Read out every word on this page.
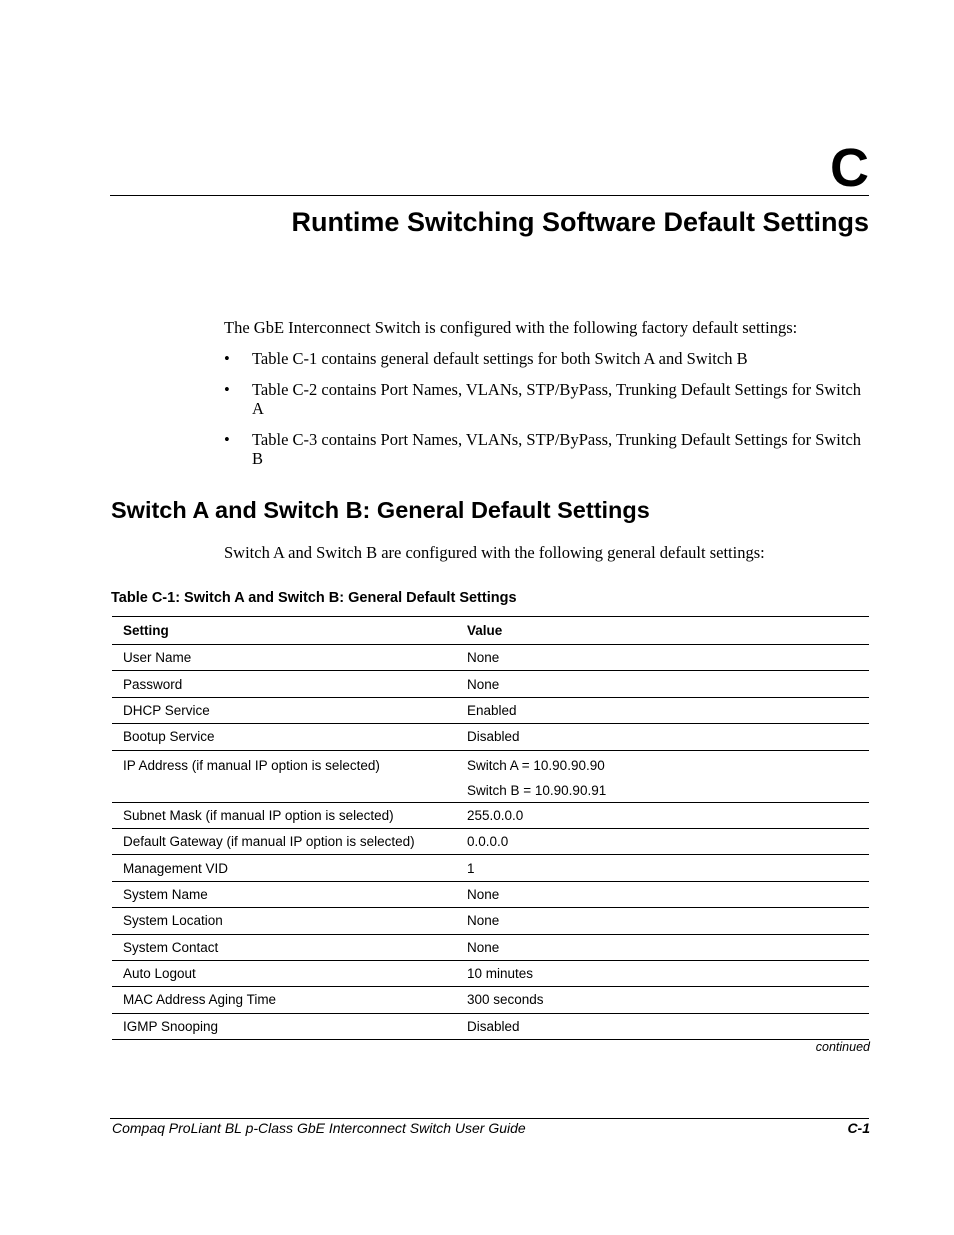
C
Runtime Switching Software Default Settings

The GbE Interconnect Switch is configured with the following factory default settings:

• Table C-1 contains general default settings for both Switch A and Switch B
• Table C-2 contains Port Names, VLANs, STP/ByPass, Trunking Default Settings for Switch A
• Table C-3 contains Port Names, VLANs, STP/ByPass, Trunking Default Settings for Switch B
Switch A and Switch B: General Default Settings

Switch A and Switch B are configured with the following general default settings:

Table C-1: Switch A and Switch B: General Default Settings
Setting	Value
User Name	None
Password	None
DHCP Service	Enabled
Bootup Service	Disabled

IP Address (if manual IP option is selected)	Switch A = 10.90.90.90
Switch B = 10.90.90.91

Subnet Mask (if manual IP option is selected)	255.0.0.0
Default Gateway (if manual IP option is selected)	0.0.0.0
Management VID	1
System Name	None
System Location	None
System Contact	None
Auto Logout	10 minutes
MAC Address Aging Time	300 seconds
IGMP Snooping	Disabled
continued
Compaq ProLiant BL p-Class GbE Interconnect Switch User Guide	C-1
